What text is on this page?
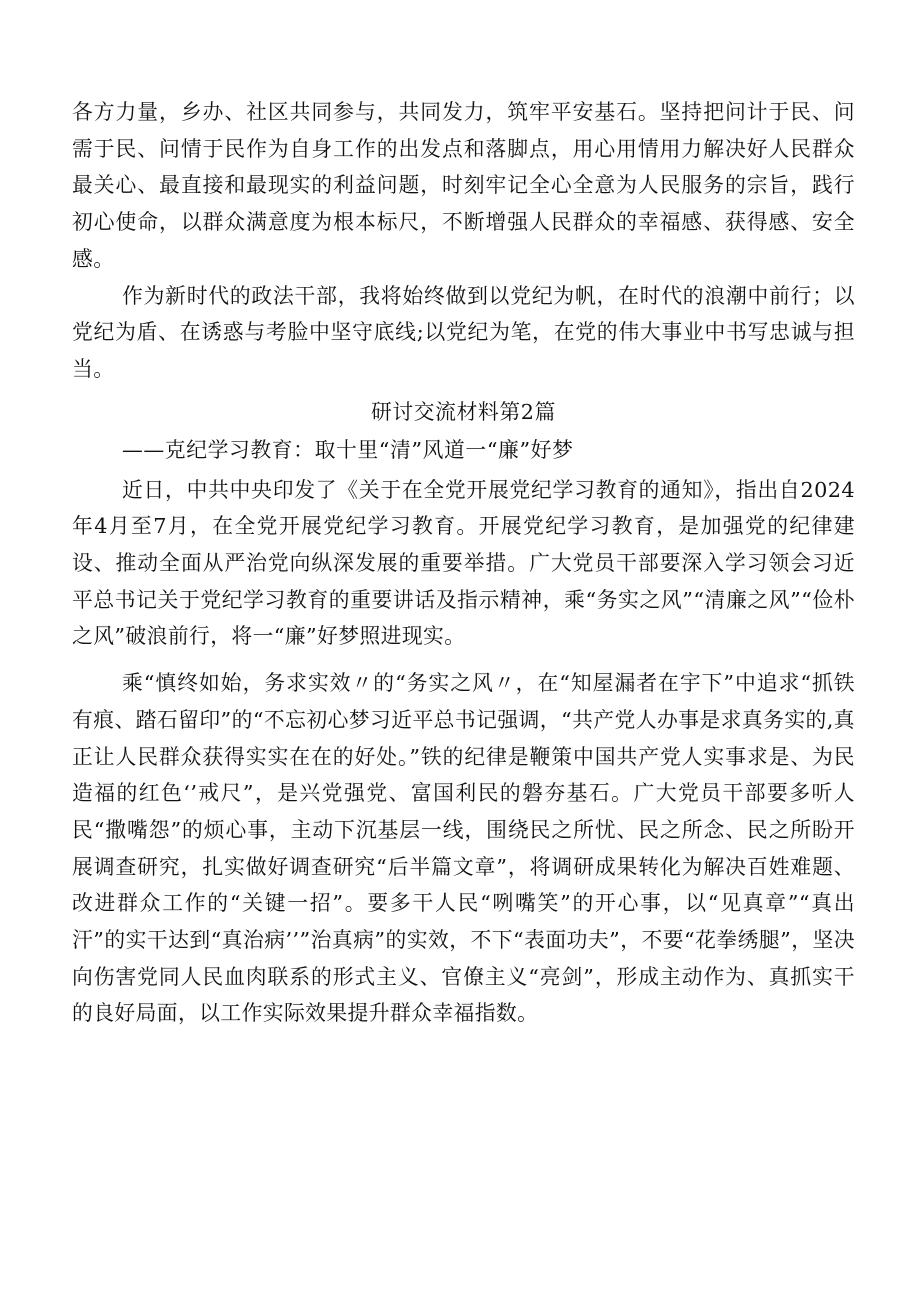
各方力量，乡办、社区共同参与，共同发力，筑牢平安基石。坚持把问计于民、问需于民、问情于民作为自身工作的出发点和落脚点，用心用情用力解决好人民群众最关心、最直接和最现实的利益问题，时刻牢记全心全意为人民服务的宗旨，践行初心使命，以群众满意度为根本标尺，不断增强人民群众的幸福感、获得感、安全感。

作为新时代的政法干部，我将始终做到以党纪为帆，在时代的浪潮中前行；以党纪为盾、在诱惑与考脸中坚守底线;以党纪为笔，在党的伟大事业中书写忠诚与担当。

研讨交流材料第2篇

——克纪学习教育：取十里“清”风道一“廉”好梦

近日，中共中央印发了《关于在全党开展党纪学习教育的通知》，指出自2024年4月至7月，在全党开展党纪学习教育。开展党纪学习教育，是加强党的纪律建设、推动全面从严治党向纵深发展的重要举措。广大党员干部要深入学习领会习近平总书记关于党纪学习教育的重要讲话及指示精神，乘“务实之风”“清廉之风”“俭朴之风”破浪前行，将一“廉”好梦照进现实。

乘“慎终如始，务求实效〃的“务实之风〃，在“知屋漏者在宇下”中追求“抓铁有痕、踏石留印”的“不忘初心梦习近平总书记强调，“共产党人办事是求真务实的,真正让人民群众获得实实在在的好处。”铁的纪律是鞭策中国共产党人实事求是、为民造福的红色‘’戒尺”，是兴党强党、富国利民的磐夯基石。广大党员干部要多听人民“撒嘴怨”的烦心事，主动下沉基层一线，围绕民之所忧、民之所念、民之所盼开展调查研究，扎实做好调查研究“后半篇文章”，将调研成果转化为解决百姓难题、改进群众工作的“关键一招”。要多干人民“咧嘴笑”的开心事，以“见真章”“真出汗”的实干达到“真治病’’”治真病”的实效，不下“表面功夫”，不要“花拳绣腿”，坚决向伤害党同人民血肉联系的形式主义、官僚主义“亮剑”，形成主动作为、真抓实干的良好局面，以工作实际效果提升群众幸福指数。
